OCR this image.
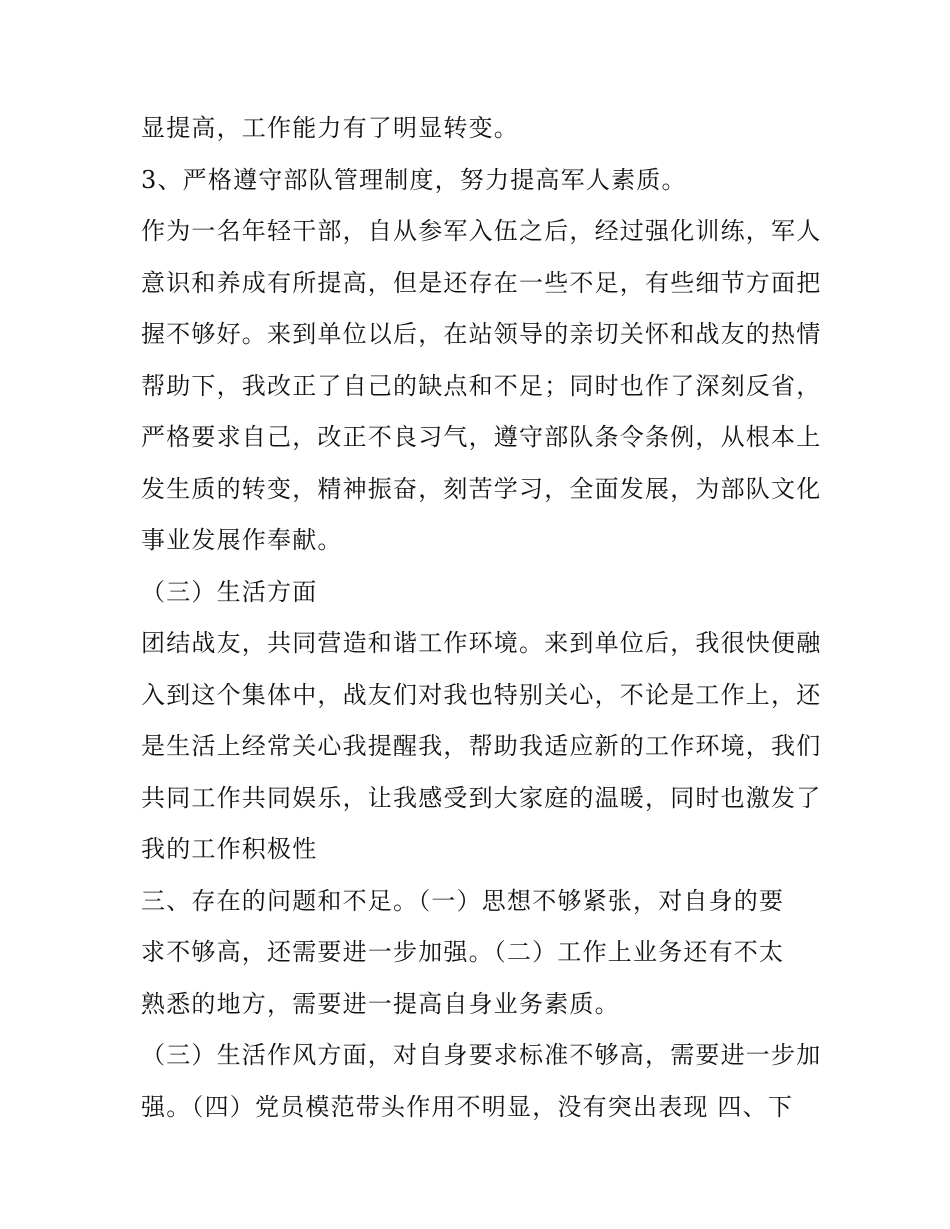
显提高，工作能力有了明显转变。
3、严格遵守部队管理制度，努力提高军人素质。
作为一名年轻干部，自从参军入伍之后，经过强化训练，军人
意识和养成有所提高，但是还存在一些不足，有些细节方面把
握不够好。来到单位以后，在站领导的亲切关怀和战友的热情
帮助下，我改正了自己的缺点和不足；同时也作了深刻反省，
严格要求自己，改正不良习气，遵守部队条令条例，从根本上
发生质的转变，精神振奋，刻苦学习，全面发展，为部队文化
事业发展作奉献。
（三）生活方面
团结战友，共同营造和谐工作环境。来到单位后，我很快便融
入到这个集体中，战友们对我也特别关心，不论是工作上，还
是生活上经常关心我提醒我，帮助我适应新的工作环境，我们
共同工作共同娱乐，让我感受到大家庭的温暖，同时也激发了
我的工作积极性
三、存在的问题和不足。（一）思想不够紧张，对自身的要
求不够高，还需要进一步加强。（二）工作上业务还有不太
熟悉的地方，需要进一提高自身业务素质。
（三）生活作风方面，对自身要求标准不够高，需要进一步加
强。（四）党员模范带头作用不明显，没有突出表现 四、下
